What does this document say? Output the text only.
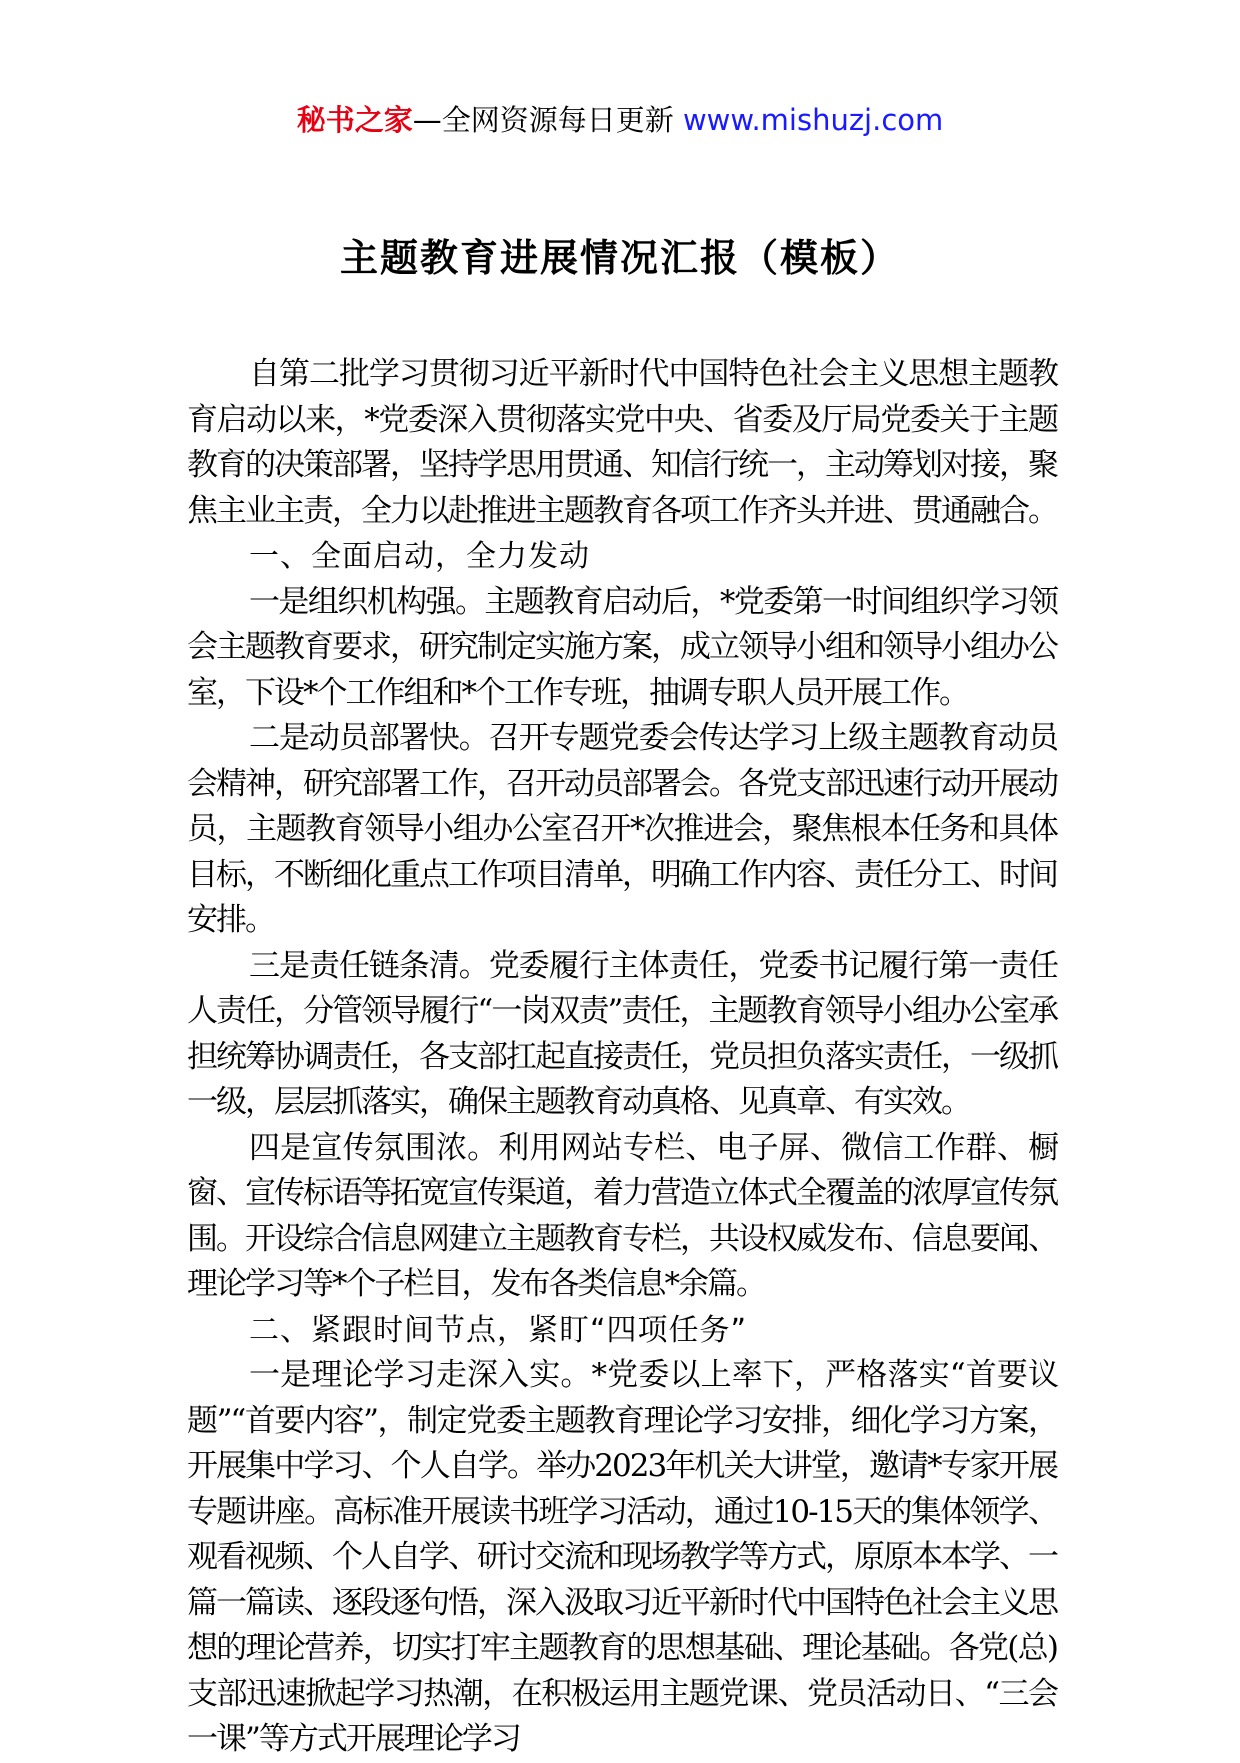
秘书之家—全网资源每日更新 www.mishuzj.com
主题教育进展情况汇报（模板）

自第二批学习贯彻习近平新时代中国特色社会主义思想主题教育启动以来，*党委深入贯彻落实党中央、省委及厅局党委关于主题教育的决策部署，坚持学思用贯通、知信行统一，主动筹划对接，聚焦主业主责，全力以赴推进主题教育各项工作齐头并进、贯通融合。

一、全面启动，全力发动

一是组织机构强。主题教育启动后，*党委第一时间组织学习领会主题教育要求，研究制定实施方案，成立领导小组和领导小组办公室，下设*个工作组和*个工作专班，抽调专职人员开展工作。

二是动员部署快。召开专题党委会传达学习上级主题教育动员会精神，研究部署工作，召开动员部署会。各党支部迅速行动开展动员，主题教育领导小组办公室召开*次推进会，聚焦根本任务和具体目标，不断细化重点工作项目清单，明确工作内容、责任分工、时间安排。

三是责任链条清。党委履行主体责任，党委书记履行第一责任人责任，分管领导履行“一岗双责”责任，主题教育领导小组办公室承担统筹协调责任，各支部扛起直接责任，党员担负落实责任，一级抓一级，层层抓落实，确保主题教育动真格、见真章、有实效。

四是宣传氛围浓。利用网站专栏、电子屏、微信工作群、橱窗、宣传标语等拓宽宣传渠道，着力营造立体式全覆盖的浓厚宣传氛围。开设综合信息网建立主题教育专栏，共设权威发布、信息要闻、理论学习等*个子栏目，发布各类信息*余篇。

二、紧跟时间节点，紧盯“四项任务”

一是理论学习走深入实。*党委以上率下，严格落实“首要议题”“首要内容”，制定党委主题教育理论学习安排，细化学习方案，开展集中学习、个人自学。举办2023年机关大讲堂，邀请*专家开展专题讲座。高标准开展读书班学习活动，通过10-15天的集体领学、观看视频、个人自学、研讨交流和现场教学等方式，原原本本学、一篇一篇读、逐段逐句悟，深入汲取习近平新时代中国特色社会主义思想的理论营养，切实打牢主题教育的思想基础、理论基础。各党(总)支部迅速掀起学习热潮，在积极运用主题党课、党员活动日、“三会一课”等方式开展理论学习
